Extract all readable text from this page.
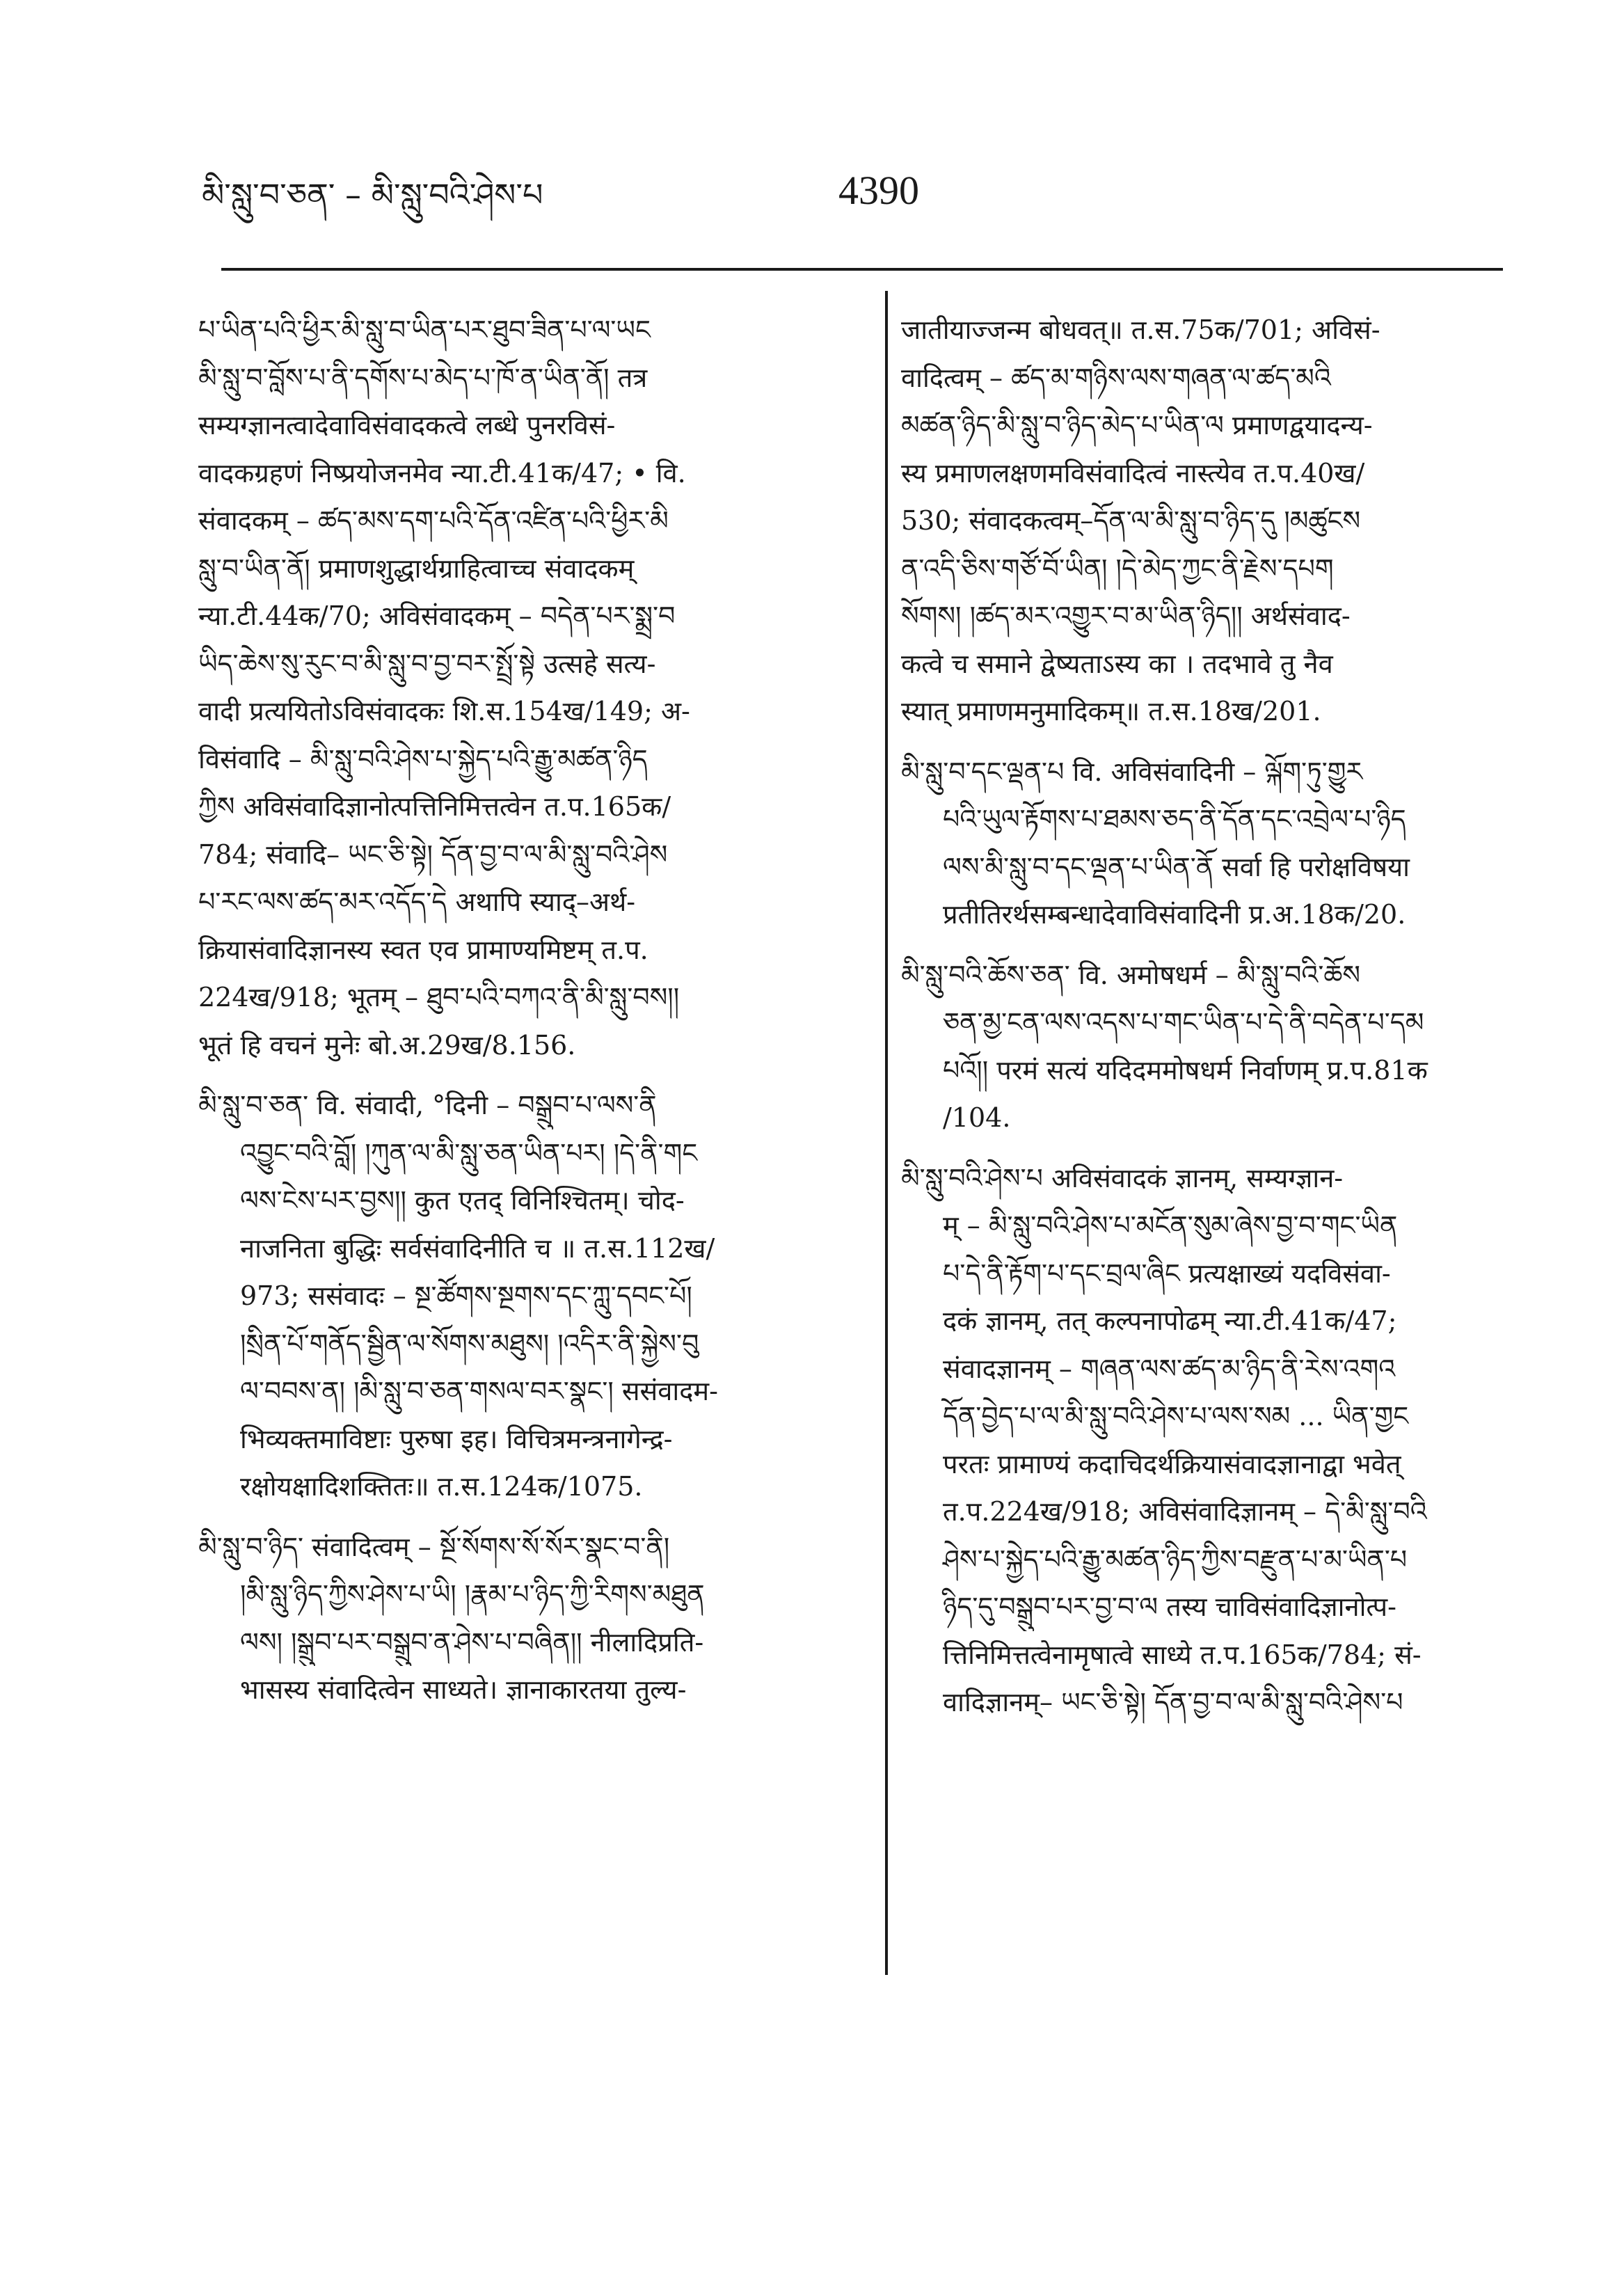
མི་སླུ་བ་ཅན་ – མི་སླུ་བའི་ཤེས་པ	4390
པ་ཡིན་པའི་ཕྱིར་མི་སླུ་བ་ཡིན་པར་ཐུབ་ཟིན་པ་ལ་ཡང
མི་སླུ་བ་བློས་པ་ནི་དགོས་པ་མེད་པ་ཁོ་ན་ཡིན་ནོ། तत्र
सम्यग्ज्ञानत्वादेवाविसंवादकत्वे लब्धे पुनरविसं-
वादकग्रहणं निष्प्रयोजनमेव न्या.टी.41क/47; • वि.
संवादकम् – ཚད་མས་དག་པའི་དོན་འཛིན་པའི་ཕྱིར་མི
སླུ་བ་ཡིན་ནོ། प्रमाणशुद्धार्थग्राहित्वाच्च संवादकम्
न्या.टी.44क/70; अविसंवादकम् – བདེན་པར་སྨྲ་བ
ཡིད་ཆེས་སུ་རུང་བ་མི་སླུ་བ་བྱ་བར་སྤྲོ་སྟེ उत्सहे सत्य-
वादी प्रत्ययितोऽविसंवादकः शि.स.154ख/149; अ-
विसंवादि – མི་སླུ་བའི་ཤེས་པ་སྐྱེད་པའི་རྒྱུ་མཚན་ཉིད
ཀྱིས अविसंवादिज्ञानोत्पत्तिनिमित्तत्वेन त.प.165क/
784; संवादि– ཡང་ཅི་སྟེ། དོན་བྱ་བ་ལ་མི་སླུ་བའི་ཤེས
པ་རང་ལས་ཚད་མར་འདོད་དེ अथापि स्याद्–अर्थ-
क्रियासंवादिज्ञानस्य स्वत एव प्रामाण्यमिष्टम् त.प.
224ख/918; भूतम् – ཐུབ་པའི་བཀའ་ནི་མི་སླུ་བས།།
भूतं हि वचनं मुनेः बो.अ.29ख/8.156.
མི་སླུ་བ་ཅན་ वि. संवादी, °दिनी – བསྒྲུབ་པ་ལས་ནི
འབྱུང་བའི་བློ། །ཀུན་ལ་མི་སླུ་ཅན་ཡིན་པར། །དེ་ནི་གང
ལས་ངེས་པར་བྱས།། कुत एतद् विनिश्चितम्। चोद-
नाजनिता बुद्धिः सर्वसंवादिनीति च ॥ त.स.112ख/
973; ससंवादः – སྔ་ཚོགས་སྔགས་དང་ཀླུ་དབང་པོ།
།སྲིན་པོ་གནོད་སྦྱིན་ལ་སོགས་མཐུས། །འདིར་ནི་སྐྱེས་བུ
ལ་བབས་ན། །མི་སླུ་བ་ཅན་གསལ་བར་སྣང་། ससंवादम-
भिव्यक्तमाविष्टाः पुरुषा इह। विचित्रमन्त्रनागेन्द्र-
रक्षोयक्षादिशक्तितः॥ त.स.124क/1075.
མི་སླུ་བ་ཉིད་ संवादित्वम् – སྔོ་སོགས་སོ་སོར་སྣང་བ་ནི།
།མི་སླུ་ཉིད་ཀྱིས་ཤེས་པ་ཡི། །རྣམ་པ་ཉིད་ཀྱི་རིགས་མཐུན
ལས། །སྒྲུབ་པར་བསྒྲུབ་ན་ཤེས་པ་བཞིན།། नीलादिप्रति-
भासस्य संवादित्वेन साध्यते। ज्ञानाकारतया तुल्य-
जातीयाज्जन्म बोधवत्॥ त.स.75क/701; अविसं-
वादित्वम् – ཚད་མ་གཉིས་ལས་གཞན་ལ་ཚད་མའི
མཚན་ཉིད་མི་སླུ་བ་ཉིད་མེད་པ་ཡིན་ལ प्रमाणद्वयादन्य-
स्य प्रमाणलक्षणमविसंवादित्वं नास्त्येव त.प.40ख/
530; संवादकत्वम्–དོན་ལ་མི་སླུ་བ་ཉིད་དུ །མཚུངས
ན་འདི་ཅིས་གཙོ་བོ་ཡིན། །དེ་མེད་ཀྱང་ནི་རྗེས་དཔག
སོགས། །ཚད་མར་འགྱུར་བ་མ་ཡིན་ཉིད།། अर्थसंवाद-
कत्वे च समाने द्वेष्यताऽस्य का । तदभावे तु नैव
स्यात् प्रमाणमनुमादिकम्॥ त.स.18ख/201.
མི་སླུ་བ་དང་ལྡན་པ वि. अविसंवादिनी – ལྐོག་ཏུ་གྱུར
པའི་ཡུལ་རྟོགས་པ་ཐམས་ཅད་ནི་དོན་དང་འབྲེལ་པ་ཉིད
ལས་མི་སླུ་བ་དང་ལྡན་པ་ཡིན་ནོ सर्वा हि परोक्षविषया
प्रतीतिरर्थसम्बन्धादेवाविसंवादिनी प्र.अ.18क/20.
མི་སླུ་བའི་ཆོས་ཅན་ वि. अमोषधर्म – མི་སླུ་བའི་ཆོས
ཅན་མྱ་ངན་ལས་འདས་པ་གང་ཡིན་པ་དེ་ནི་བདེན་པ་དམ
པའོ།། परमं सत्यं यदिदममोषधर्म निर्वाणम् प्र.प.81क
/104.
མི་སླུ་བའི་ཤེས་པ अविसंवादकं ज्ञानम्, सम्यग्ज्ञान-
म् – མི་སླུ་བའི་ཤེས་པ་མངོན་སུམ་ཞེས་བྱ་བ་གང་ཡིན
པ་དེ་ནི་རྟོག་པ་དང་བྲལ་ཞིང प्रत्यक्षाख्यं यदविसंवा-
दकं ज्ञानम्, तत् कल्पनापोढम् न्या.टी.41क/47;
संवादज्ञानम् – གཞན་ལས་ཚད་མ་ཉིད་ནི་རེས་འགའ
དོན་བྱེད་པ་ལ་མི་སླུ་བའི་ཤེས་པ་ལས་སམ ... ཡིན་གྱང
परतः प्रामाण्यं कदाचिदर्थक्रियासंवादज्ञानाद्वा भवेत्
त.प.224ख/918; अविसंवादिज्ञानम् – དེ་མི་སླུ་བའི
ཤེས་པ་སྐྱེད་པའི་རྒྱུ་མཚན་ཉིད་ཀྱིས་བརྫུན་པ་མ་ཡིན་པ
ཉིད་དུ་བསྒྲུབ་པར་བྱ་བ་ལ तस्य चाविसंवादिज्ञानोत्प-
त्तिनिमित्तत्वेनामृषात्वे साध्ये त.प.165क/784; सं-
वादिज्ञानम्– ཡང་ཅི་སྟེ། དོན་བྱ་བ་ལ་མི་སླུ་བའི་ཤེས་པ
